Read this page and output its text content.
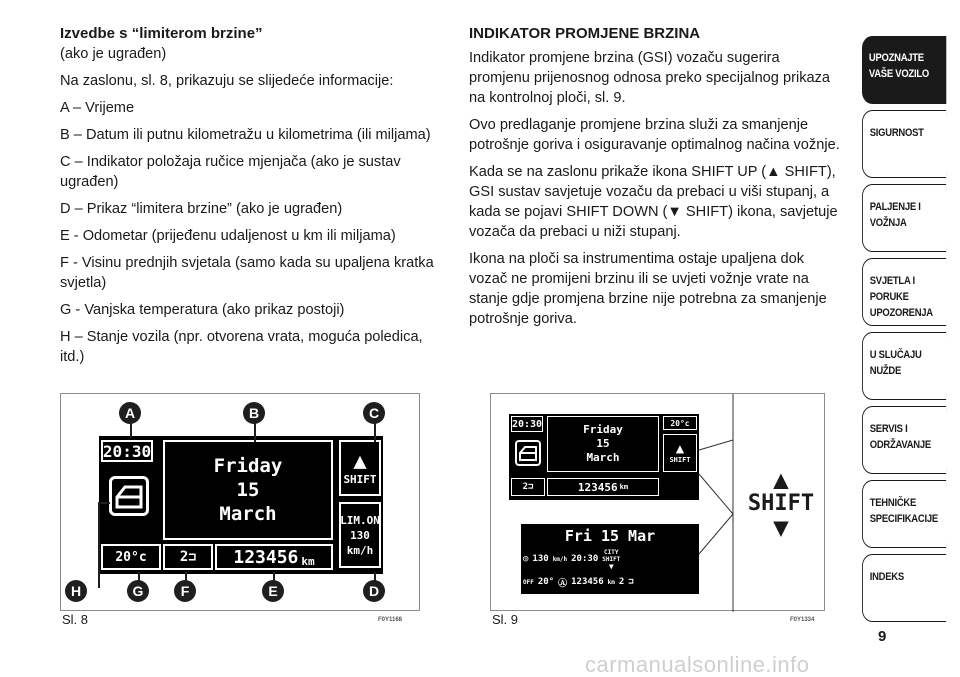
Izvedbe s “limiterom brzine”
(ako je ugrađen)

Na zaslonu, sl. 8, prikazuju se slijedeće informacije:

A – Vrijeme

B – Datum ili putnu kilometražu u kilometrima (ili miljama)

C – Indikator položaja ručice mjenjača (ako je sustav ugrađen)

D – Prikaz “limitera brzine” (ako je ugrađen)

E - Odometar (prijeđenu udaljenost u km ili miljama)

F - Visinu prednjih svjetala (samo kada su upaljena kratka svjetla)

G - Vanjska temperatura (ako prikaz postoji)

H – Stanje vozila (npr. otvorena vrata, moguća poledica, itd.)

INDIKATOR PROMJENE BRZINA

Indikator promjene brzina (GSI) vozaču sugerira promjenu prijenosnog odnosa preko specijalnog prikaza na kontrolnoj ploči, sl. 9.

Ovo predlaganje promjene brzina služi za smanjenje potrošnje goriva i osiguravanje optimalnog načina vožnje.

Kada se na zaslonu prikaže ikona SHIFT UP (▲ SHIFT), GSI sustav savjetuje vozaču da prebaci u viši stupanj, a kada se pojavi SHIFT DOWN (▼ SHIFT) ikona, savjetuje vozača da prebaci u niži stupanj.

Ikona na ploči sa instrumentima ostaje upaljena dok vozač ne promijeni brzinu ili se uvjeti vožnje vrate na stanje gdje promjena brzine nije potrebna za smanjenje potrošnje goriva.

20:30
Friday
15
March
▲
SHIFT
LIM.ON
130
km/h
20°c	2 ⊐ 123456 km
A	B	C
D
E
F
G
H
Sl. 8	F0Y1168
20:30	Friday
15
March
20°c
▲
SHIFT
2 ⊐	123456 km
Fri 15 Mar
◎ 130 km/h 20:30
CITY
SHIFT
▼
OFF 20° Ⓐ 123456 km 2 ⊐
▲
SHIFT
▼
Sl. 9	F0Y1334
UPOZNAJTE
VAŠE VOZILO
SIGURNOST
PALJENJE I
VOŽNJA
SVJETLA I PORUKE
UPOZORENJA
U SLUČAJU
NUŽDE
SERVIS I
ODRŽAVANJE
TEHNIČKE
SPECIFIKACIJE
INDEKS
9
carmanualsonline.info
